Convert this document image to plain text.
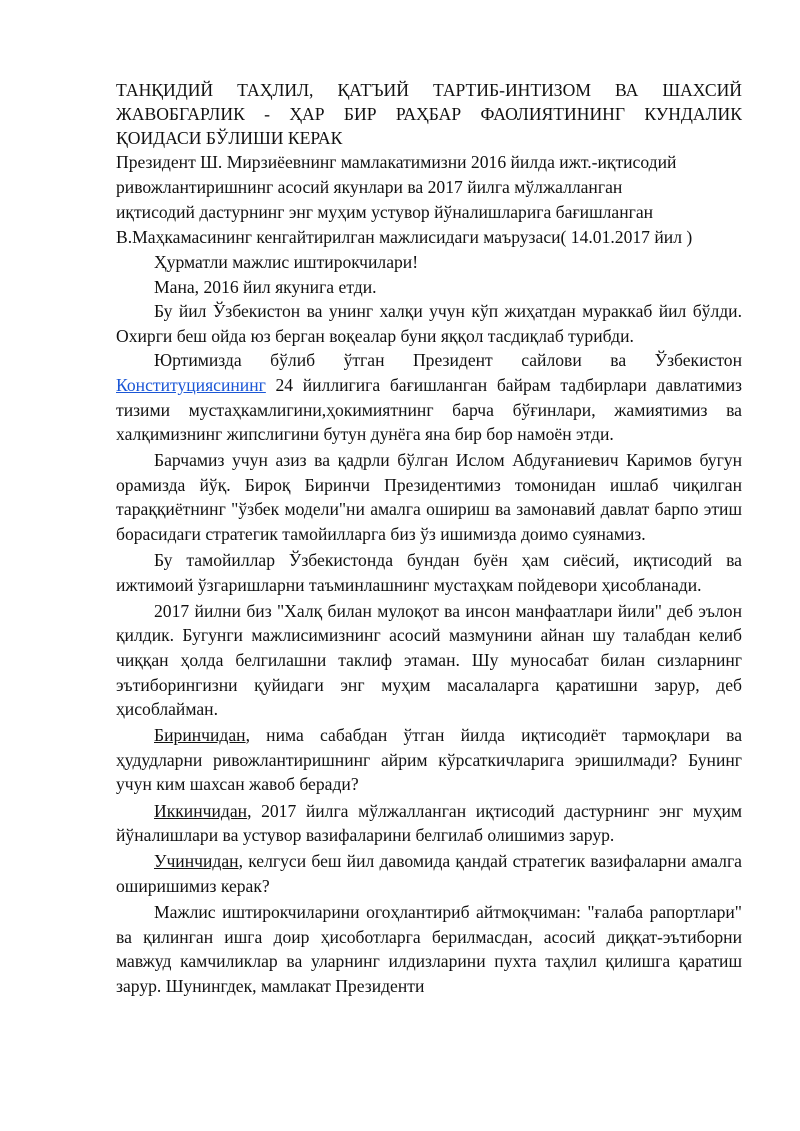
ТАНҚИДИЙ ТАҲЛИЛ, ҚАТЪИЙ ТАРТИБ-ИНТИЗОМ ВА ШАХСИЙ ЖАВОБГАРЛИК - ҲАР БИР РАҲБАР ФАОЛИЯТИНИНГ КУНДАЛИК ҚОИДАСИ БЎЛИШИ КЕРАК
Президент Ш. Мирзиёевнинг мамлакатимизни 2016 йилда ижт.-иқтисодий
ривожлантиришнинг асосий якунлари ва 2017 йилга мўлжалланган
иқтисодий дастурнинг энг муҳим устувор йўналишларига бағишланган
В.Маҳкамасининг кенгайтирилган мажлисидаги маърузаси( 14.01.2017 йил )

Ҳурматли мажлис иштирокчилари!

Мана, 2016 йил якунига етди.

Бу йил Ўзбекистон ва унинг халқи учун кўп жиҳатдан мураккаб йил бўлди. Охирги беш ойда юз берган воқеалар буни яққол тасдиқлаб турибди.

Юртимизда бўлиб ўтган Президент сайлови ва Ўзбекистон Конституциясининг 24 йиллигига бағишланган байрам тадбирлари давлатимиз тизими мустаҳкамлигини,ҳокимиятнинг барча бўғинлари, жамиятимиз ва халқимизнинг жипслигини бутун дунёга яна бир бор намоён этди.

Барчамиз учун азиз ва қадрли бўлган Ислом Абдуғаниевич Каримов бугун орамизда йўқ. Бироқ Биринчи Президентимиз томонидан ишлаб чиқилган тараққиётнинг "ўзбек модели"ни амалга ошириш ва замонавий давлат барпо этиш борасидаги стратегик тамойилларга биз ўз ишимизда доимо суянамиз.

Бу тамойиллар Ўзбекистонда бундан буён ҳам сиёсий, иқтисодий ва ижтимоий ўзгаришларни таъминлашнинг мустаҳкам пойдевори ҳисобланади.

2017 йилни биз "Халқ билан мулоқот ва инсон манфаатлари йили" деб эълон қилдик. Бугунги мажлисимизнинг асосий мазмунини айнан шу талабдан келиб чиққан ҳолда белгилашни таклиф этаман. Шу муносабат билан сизларнинг эътиборингизни қуйидаги энг муҳим масалаларга қаратишни зарур, деб ҳисоблайман.

Биринчидан, нима сабабдан ўтган йилда иқтисодиёт тармоқлари ва ҳудудларни ривожлантиришнинг айрим кўрсаткичларига эришилмади? Бунинг учун ким шахсан жавоб беради?

Иккинчидан, 2017 йилга мўлжалланган иқтисодий дастурнинг энг муҳим йўналишлари ва устувор вазифаларини белгилаб олишимиз зарур.

Учинчидан, келгуси беш йил давомида қандай стратегик вазифаларни амалга оширишимиз керак?

Мажлис иштирокчиларини огоҳлантириб айтмоқчиман: "ғалаба рапортлари" ва қилинган ишга доир ҳисоботларга берилмасдан, асосий диққат-эътиборни мавжуд камчиликлар ва уларнинг илдизларини пухта таҳлил қилишга қаратиш зарур. Шунингдек, мамлакат Президенти
